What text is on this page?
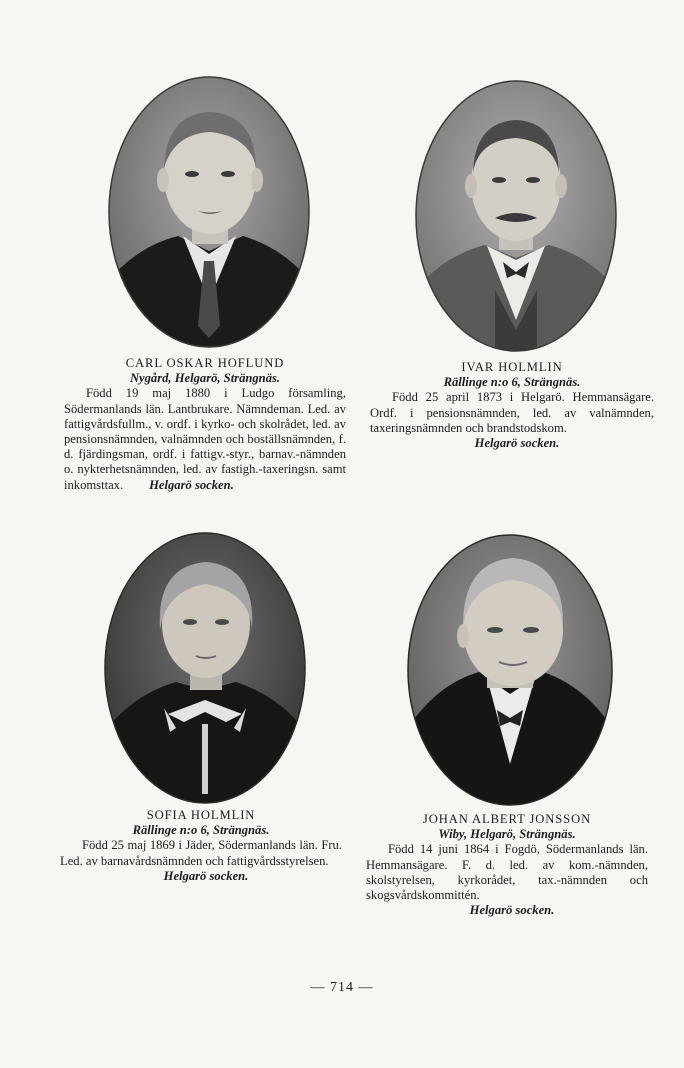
CARL OSKAR HOFLUND
Nygård, Helgarö, Strängnäs.
Född 19 maj 1880 i Ludgo församling, Södermanlands län. Lantbrukare. Nämndeman. Led. av fattigvårdsfullm., v. ordf. i kyrko- och skolrådet, led. av pensionsnämnden, valnämnden och boställsnämnden, f. d. fjärdingsman, ordf. i fattigv.-styr., barnav.-nämnden o. nykterhetsnämnden, led. av fastigh.-taxeringsn. samt inkomsttax. Helgarö socken.
IVAR HOLMLIN
Rällinge n:o 6, Strängnäs.
Född 25 april 1873 i Helgarö. Hemmansägare. Ordf. i pensionsnämnden, led. av valnämnden, taxeringsnämnden och brandstodskom.
Helgarö socken.
SOFIA HOLMLIN
Rällinge n:o 6, Strängnäs.
Född 25 maj 1869 i Jäder, Södermanlands län. Fru. Led. av barnavårdsnämnden och fattigvårdsstyrelsen.
Helgarö socken.
JOHAN ALBERT JONSSON
Wiby, Helgarö, Strängnäs.
Född 14 juni 1864 i Fogdö, Södermanlands län. Hemmansägare. F. d. led. av kom.-nämnden, skolstyrelsen, kyrkorådet, tax.-nämnden och skogsvårdskommittén.
Helgarö socken.
— 714 —
